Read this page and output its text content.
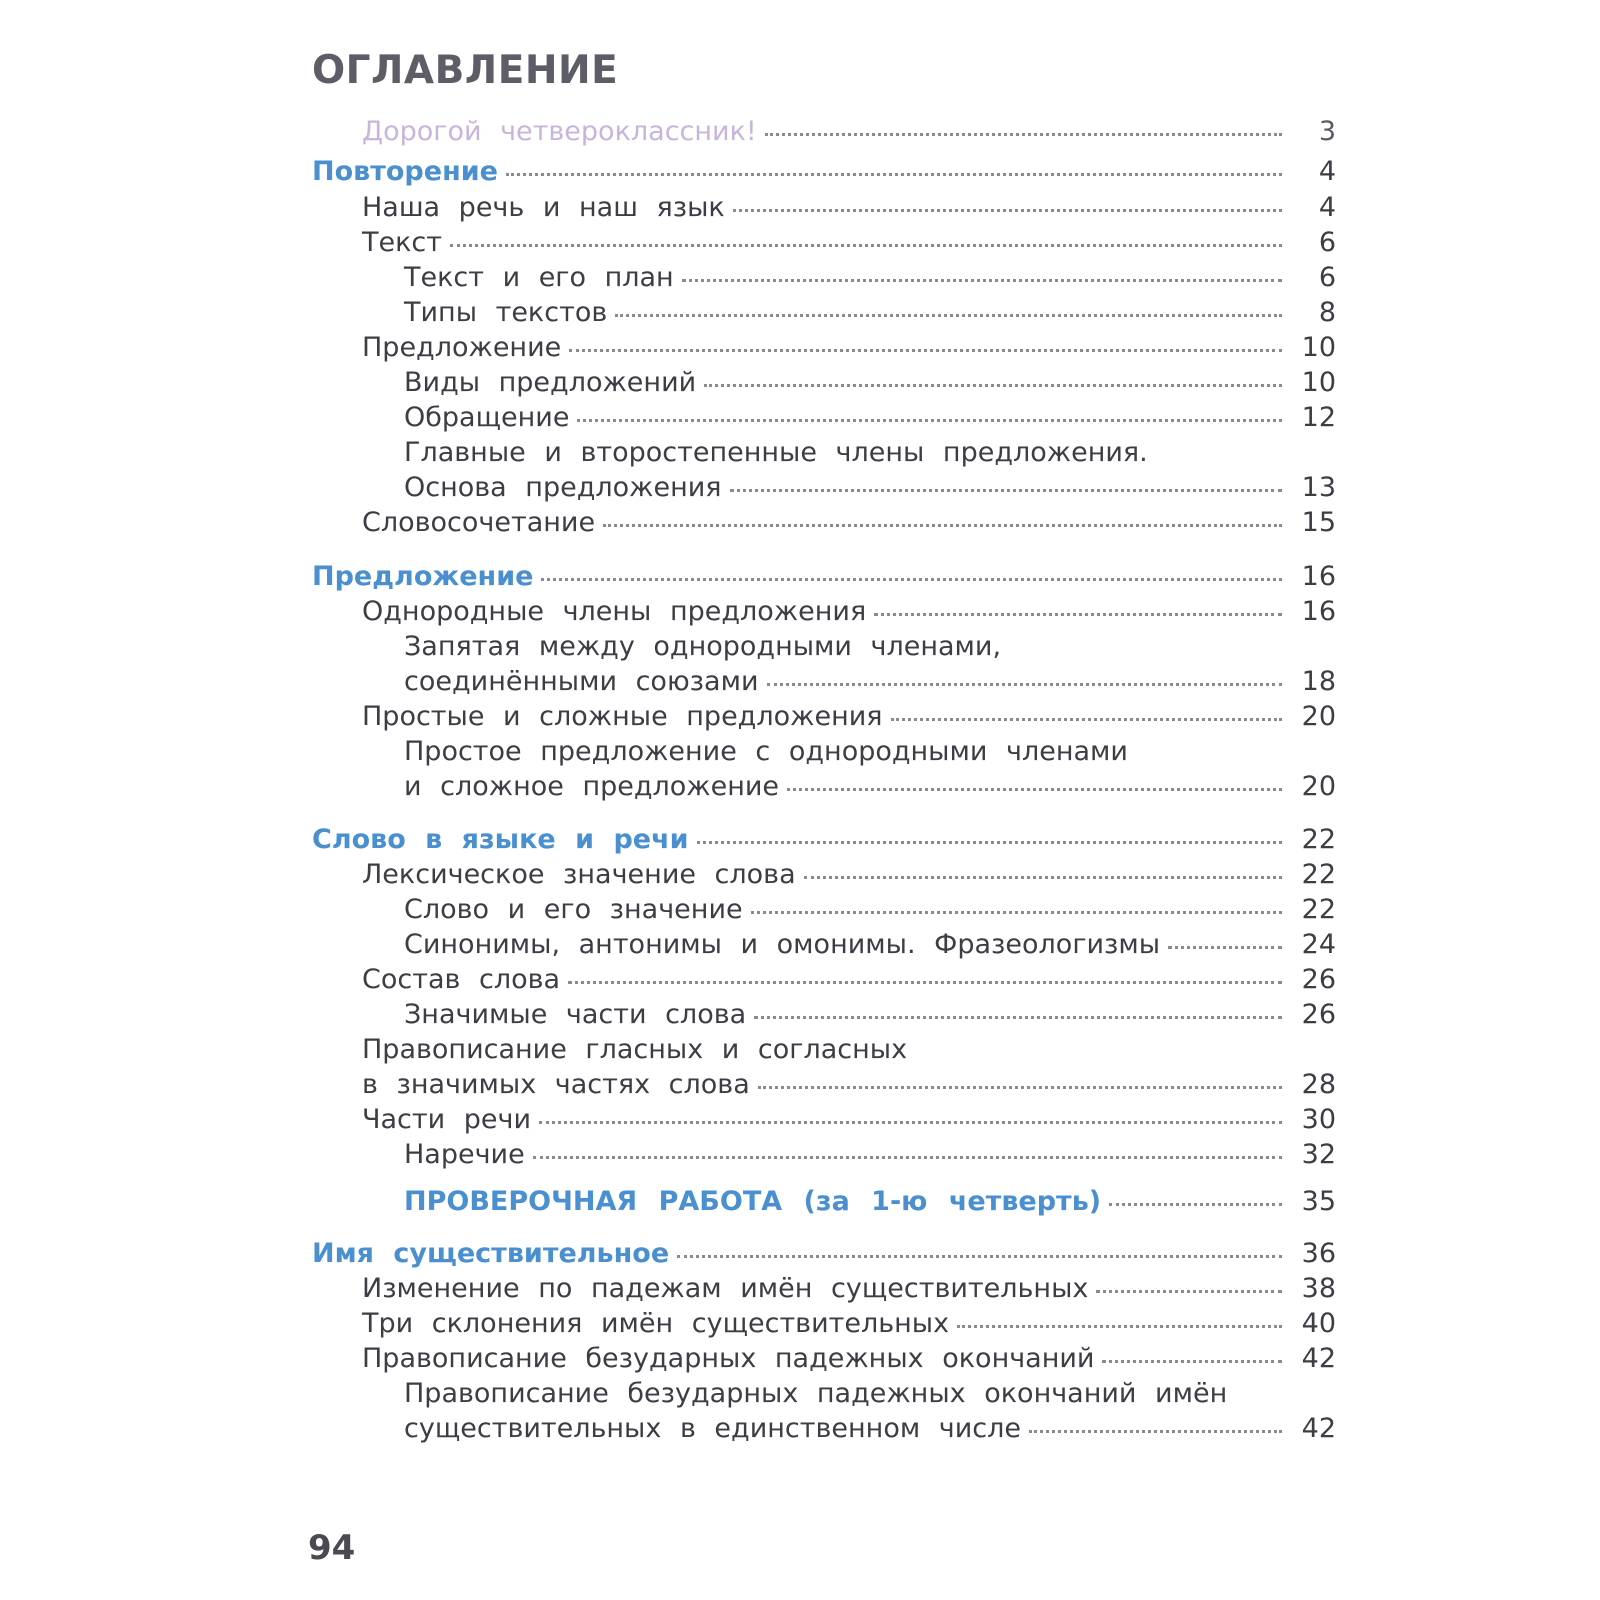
ОГЛАВЛЕНИЕ
Дорогой четвероклассник!	3
Повторение	4
Наша речь и наш язык	4
Текст	6
Текст и его план	6
Типы текстов	8
Предложение	10
Виды предложений	10
Обращение	12
Главные и второстепенные члены предложения.
Основа предложения	13
Словосочетание	15
Предложение	16
Однородные члены предложения	16
Запятая между однородными членами,
соединёнными союзами	18
Простые и сложные предложения	20
Простое предложение с однородными членами
и сложное предложение	20
Слово в языке и речи	22
Лексическое значение слова	22
Слово и его значение	22
Синонимы, антонимы и омонимы. Фразеологизмы	24
Состав слова	26
Значимые части слова	26
Правописание гласных и согласных
в значимых частях слова	28
Части речи	30
Наречие	32
ПРОВЕРОЧНАЯ РАБОТА (за 1-ю четверть)	35
Имя существительное	36
Изменение по падежам имён существительных	38
Три склонения имён существительных	40
Правописание безударных падежных окончаний	42
Правописание безударных падежных окончаний имён
существительных в единственном числе	42
94
